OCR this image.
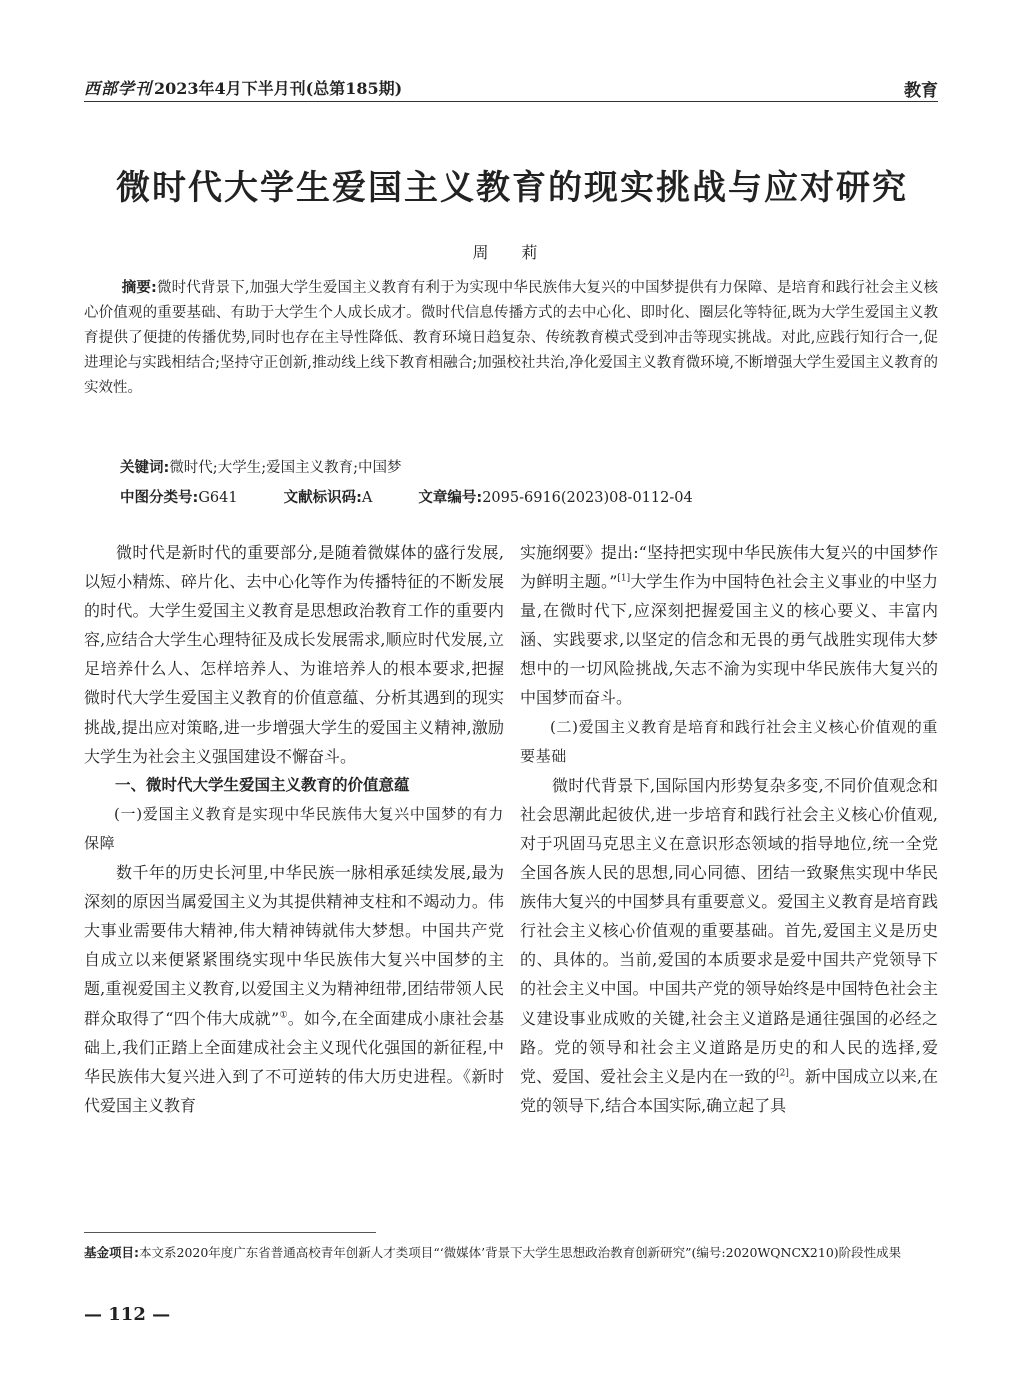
西部学刊 2023年4月下半月刊(总第185期)	教育
微时代大学生爱国主义教育的现实挑战与应对研究
周 莉
摘要:微时代背景下,加强大学生爱国主义教育有利于为实现中华民族伟大复兴的中国梦提供有力保障、是培育和践行社会主义核心价值观的重要基础、有助于大学生个人成长成才。微时代信息传播方式的去中心化、即时化、圈层化等特征,既为大学生爱国主义教育提供了便捷的传播优势,同时也存在主导性降低、教育环境日趋复杂、传统教育模式受到冲击等现实挑战。对此,应践行知行合一,促进理论与实践相结合;坚持守正创新,推动线上线下教育相融合;加强校社共治,净化爱国主义教育微环境,不断增强大学生爱国主义教育的实效性。
关键词:微时代;大学生;爱国主义教育;中国梦
中图分类号:G641	文献标识码:A	文章编号:2095-6916(2023)08-0112-04

微时代是新时代的重要部分,是随着微媒体的盛行发展,以短小精炼、碎片化、去中心化等作为传播特征的不断发展的时代。大学生爱国主义教育是思想政治教育工作的重要内容,应结合大学生心理特征及成长发展需求,顺应时代发展,立足培养什么人、怎样培养人、为谁培养人的根本要求,把握微时代大学生爱国主义教育的价值意蕴、分析其遇到的现实挑战,提出应对策略,进一步增强大学生的爱国主义精神,激励大学生为社会主义强国建设不懈奋斗。

一、微时代大学生爱国主义教育的价值意蕴

(一)爱国主义教育是实现中华民族伟大复兴中国梦的有力保障

数千年的历史长河里,中华民族一脉相承延续发展,最为深刻的原因当属爱国主义为其提供精神支柱和不竭动力。伟大事业需要伟大精神,伟大精神铸就伟大梦想。中国共产党自成立以来便紧紧围绕实现中华民族伟大复兴中国梦的主题,重视爱国主义教育,以爱国主义为精神纽带,团结带领人民群众取得了“四个伟大成就”①。如今,在全面建成小康社会基础上,我们正踏上全面建成社会主义现代化强国的新征程,中华民族伟大复兴进入到了不可逆转的伟大历史进程。《新时代爱国主义教育

实施纲要》提出:“坚持把实现中华民族伟大复兴的中国梦作为鲜明主题。”[1]大学生作为中国特色社会主义事业的中坚力量,在微时代下,应深刻把握爱国主义的核心要义、丰富内涵、实践要求,以坚定的信念和无畏的勇气战胜实现伟大梦想中的一切风险挑战,矢志不渝为实现中华民族伟大复兴的中国梦而奋斗。

(二)爱国主义教育是培育和践行社会主义核心价值观的重要基础

微时代背景下,国际国内形势复杂多变,不同价值观念和社会思潮此起彼伏,进一步培育和践行社会主义核心价值观,对于巩固马克思主义在意识形态领域的指导地位,统一全党全国各族人民的思想,同心同德、团结一致聚焦实现中华民族伟大复兴的中国梦具有重要意义。爱国主义教育是培育践行社会主义核心价值观的重要基础。首先,爱国主义是历史的、具体的。当前,爱国的本质要求是爱中国共产党领导下的社会主义中国。中国共产党的领导始终是中国特色社会主义建设事业成败的关键,社会主义道路是通往强国的必经之路。党的领导和社会主义道路是历史的和人民的选择,爱党、爱国、爱社会主义是内在一致的[2]。新中国成立以来,在党的领导下,结合本国实际,确立起了具

基金项目:本文系2020年度广东省普通高校青年创新人才类项目“‘微媒体’背景下大学生思想政治教育创新研究”(编号:2020WQNCX210)阶段性成果
— 112 —
